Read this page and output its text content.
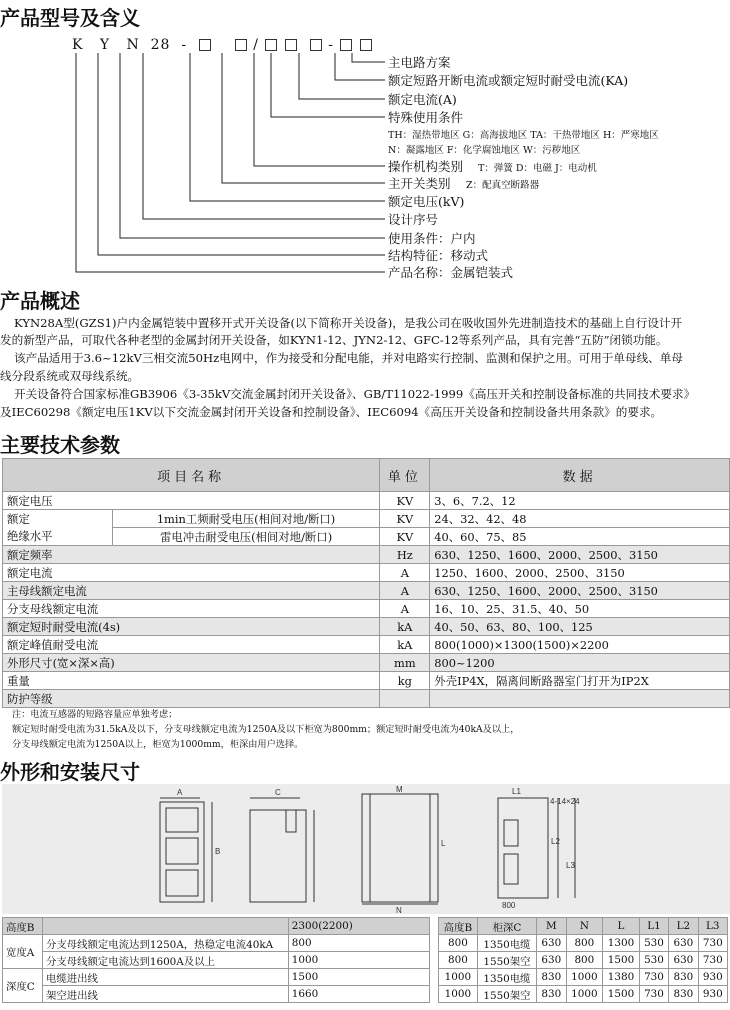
产品型号及含义
K Y N 28 -	/	-
主电路方案
额定短路开断电流或额定短时耐受电流(KA)
额定电流(A)
特殊使用条件
TH：湿热带地区 G：高海拔地区 TA：干热带地区 H：严寒地区
N：凝露地区 F：化学腐蚀地区 W：污秽地区
操作机构类别 T：弹簧 D：电磁 J：电动机
主开关类别 Z：配真空断路器
额定电压(kV)
设计序号
使用条件：户内
结构特征：移动式
产品名称：金属铠装式
产品概述
KYN28A型(GZS1)户内金属铠装中置移开式开关设备(以下简称开关设备)，是我公司在吸收国外先进制造技术的基础上自行设计开
发的新型产品，可取代各种老型的金属封闭开关设备，如KYN1-12、JYN2-12、GFC-12等系列产品，具有完善“五防”闭锁功能。
该产品适用于3.6~12kV三相交流50Hz电网中，作为接受和分配电能，并对电路实行控制、监测和保护之用。可用于单母线、单母
线分段系统或双母线系统。
开关设备符合国家标准GB3906《3-35kV交流金属封闭开关设备》、GB/T11022-1999《高压开关和控制设备标准的共同技术要求》
及IEC60298《额定电压1KV以下交流金属封闭开关设备和控制设备》、IEC6094《高压开关设备和控制设备共用条款》的要求。
主要技术参数
项目名称		单位	数据
额定电压		KV	3、6、7.2、12

额定
绝缘水平	1min工频耐受电压(相间对地/断口)	KV	24、32、42、48
	雷电冲击耐受电压(相间对地/断口)	KV	40、60、75、85
额定频率		Hz	630、1250、1600、2000、2500、3150
额定电流		A	1250、1600、2000、2500、3150
主母线额定电流		A	630、1250、1600、2000、2500、3150
分支母线额定电流		A	16、10、25、31.5、40、50
额定短时耐受电流(4s)		kA	40、50、63、80、100、125
额定峰值耐受电流		kA	800(1000)×1300(1500)×2200
外形尺寸(宽×深×高)		mm	800~1200
重量		kg	外壳IP4X，隔离间断路器室门打开为IP2X
防护等级			
注：电流互感器的短路容量应单独考虑；
额定短时耐受电流为31.5kA及以下，分支母线额定电流为1250A及以下柜宽为800mm；额定短时耐受电流为40kA及以上，
分支母线额定电流为1250A以上，柜宽为1000mm，柜深由用户选择。
外形和安装尺寸
A
B
C
L
M
N
L1
L2
L3
800
4-14×24
高度B		2300(2200)
宽度A	分支母线额定电流达到1250A，热稳定电流40kA	800
	分支母线额定电流达到1600A及以上	1000
深度C	电缆进出线	1500
	架空进出线	1660
高度B	柜深C	M	N	L	L1	L2	L3
800	1350电缆	630	800	1300	530	630	730
800	1550架空	630	800	1500	530	630	730
1000	1350电缆	830	1000	1380	730	830	930
1000	1550架空	830	1000	1500	730	830	930
